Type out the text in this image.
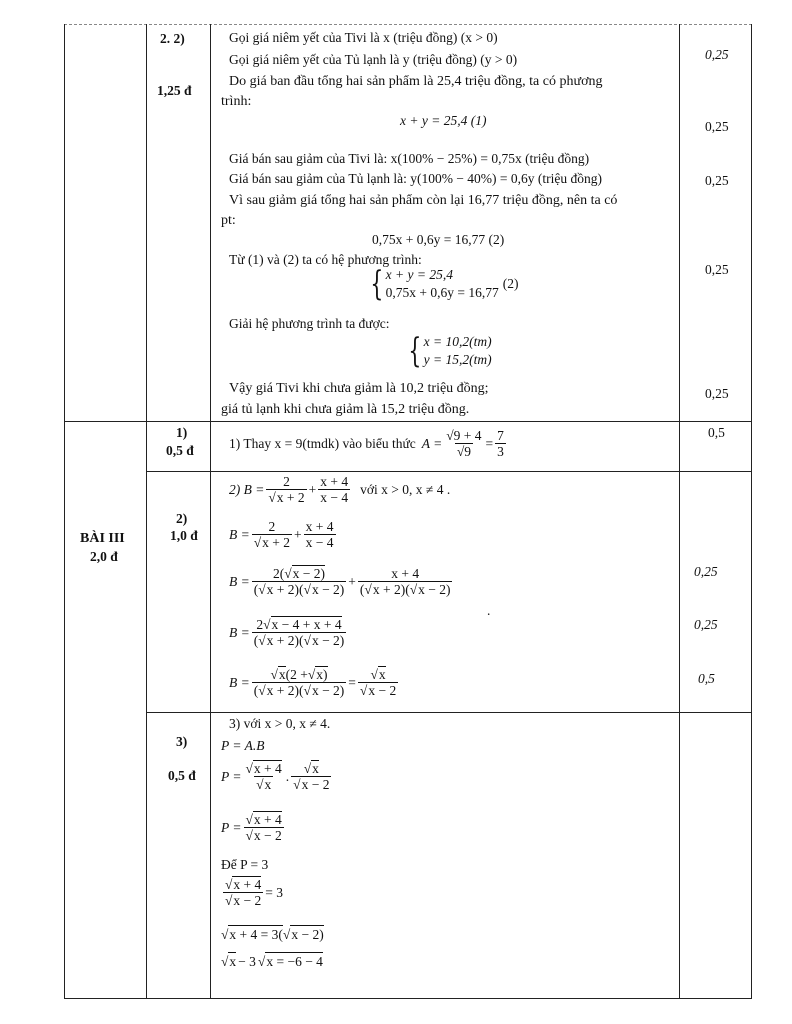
2. 2)
1,25 đ
Gọi giá niêm yết của Tivi là x (triệu đồng) (x > 0)
Gọi giá niêm yết của Tủ lạnh là y (triệu đồng) (y > 0)
Do giá ban đầu tổng hai sản phẩm là 25,4 triệu đồng, ta có phương
trình:
x + y = 25,4 (1)
Giá bán sau giảm của Tivi là: x(100% − 25%) = 0,75x (triệu đồng)
Giá bán sau giảm của Tủ lạnh là: y(100% − 40%) = 0,6y (triệu đồng)
Vì sau giảm giá tổng hai sản phẩm còn lại 16,77 triệu đồng, nên ta có
pt:
0,75x + 0,6y = 16,77 (2)
Từ (1) và (2) ta có hệ phương trình:
{ x + y = 25,4
0,75x + 0,6y = 16,77
(2)
Giải hệ phương trình ta được:
{ x = 10,2(tm)
y = 15,2(tm)
Vậy giá Tivi khi chưa giảm là 10,2 triệu đồng;
giá tủ lạnh khi chưa giảm là 15,2 triệu đồng.
0,25
0,25
0,25
0,25
0,25
BÀI III
2,0 đ
1)
0,5 đ	1) Thay x = 9(tmdk) vào biểu thức $A = \frac{√9 + 4}{√9} = \frac{7}{3}$	0,5
2)
1,0 đ
2) $B = \frac{2}{√x + 2} + \frac{x + 4}{x - 4}$ với x > 0, x ≠ 4 .
$B = \frac{2}{√x + 2} + \frac{x + 4}{x - 4}$
$B = \frac{2(√x - 2)}{(√x + 2)(√x - 2)} + \frac{x + 4}{(√x + 2)(√x - 2)}$
.
$B = \frac{2√x - 4 + x + 4}{(√x + 2)(√x - 2)}$
$B = \frac{√x(2 +√x)}{(√x + 2)(√x - 2)} = \frac{√x}{√x - 2}$
0,25
0,25
0,5
3)
0,5 đ
3) với x > 0, x ≠ 4.
P = A.B
$P = \frac{√x + 4}{√x}$ . $\frac{√x}{√x - 2}$
$P = \frac{√x + 4}{√x - 2}$
Để P = 3
$\frac{√x + 4}{√x - 2} = 3$
√ x + 4 = 3( √ x − 2)
√ x − 3 √ x = −6 − 4
